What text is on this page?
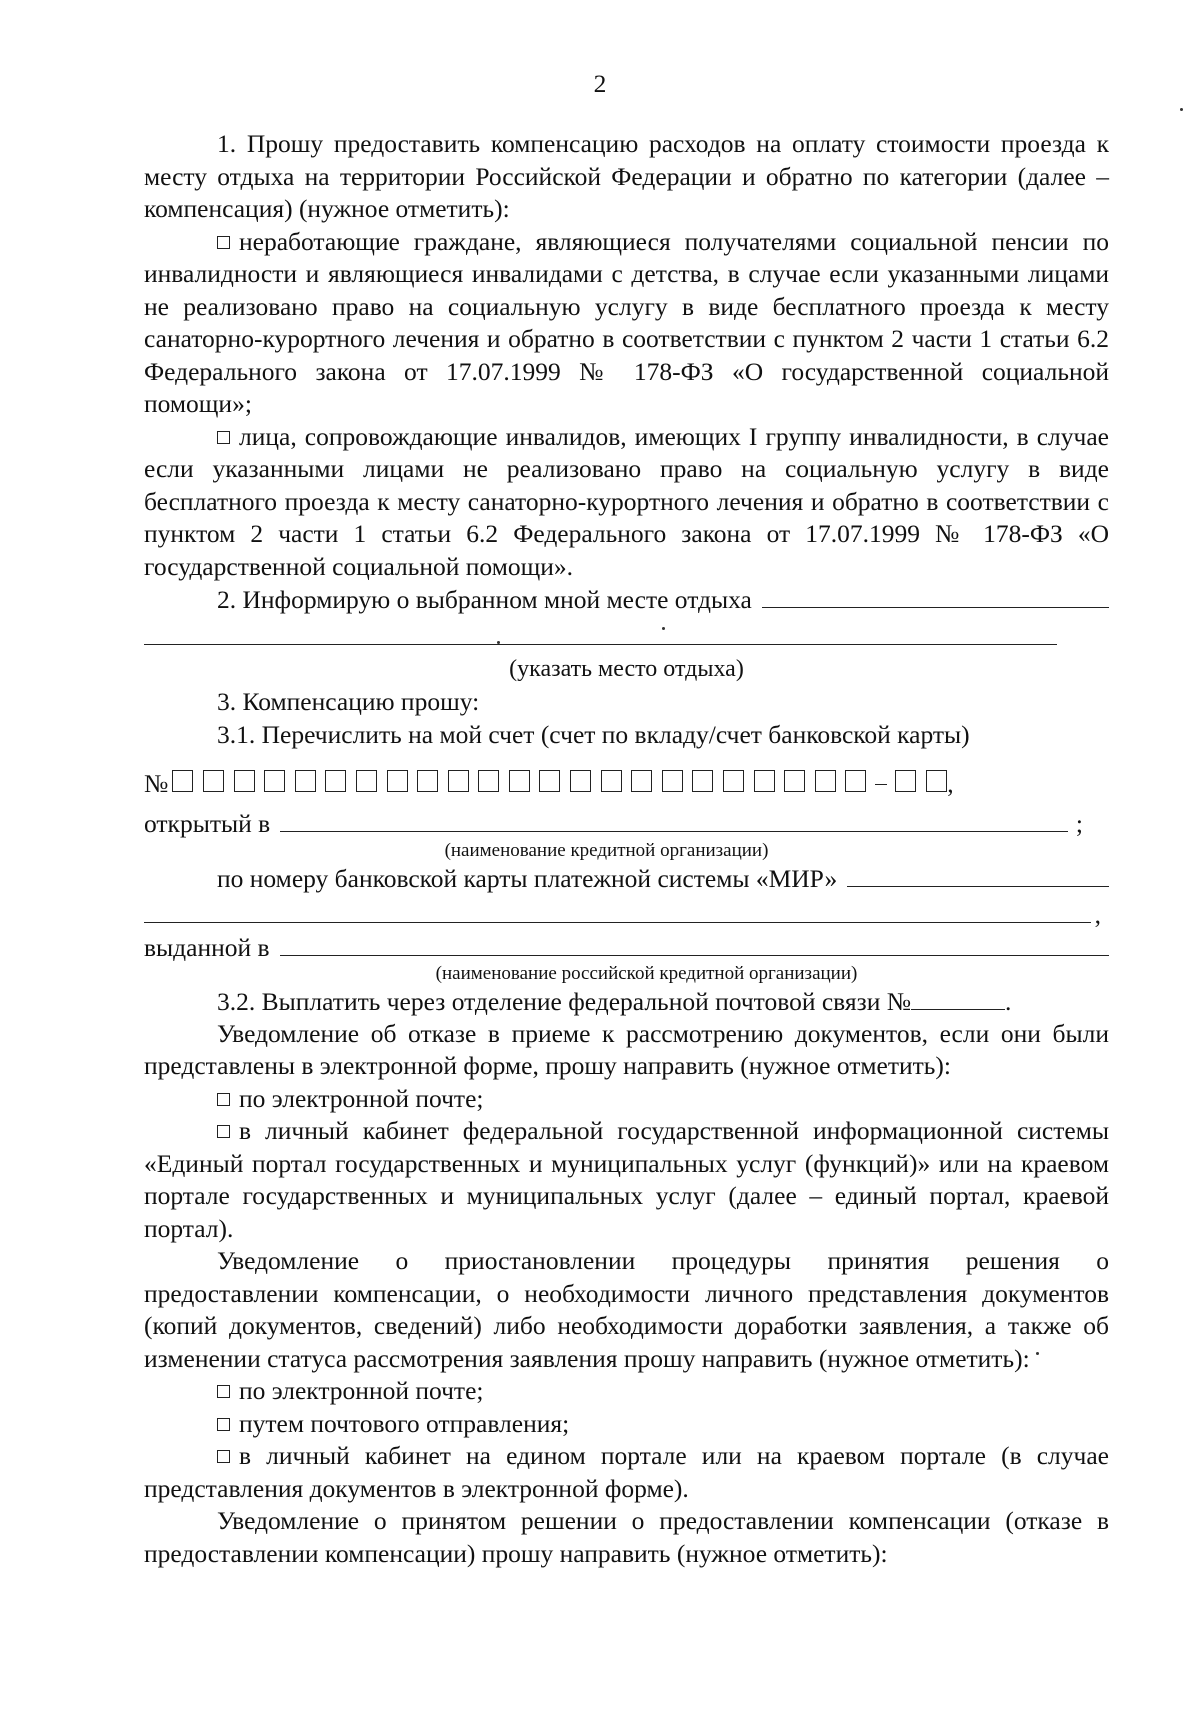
2

1. Прошу предоставить компенсацию расходов на оплату стоимости проезда к месту отдыха на территории Российской Федерации и обратно по категории (далее – компенсация) (нужное отметить):

неработающие граждане, являющиеся получателями социальной пенсии по инвалидности и являющиеся инвалидами с детства, в случае если указанными лицами не реализовано право на социальную услугу в виде бесплатного проезда к месту санаторно-курортного лечения и обратно в соответствии с пунктом 2 части 1 статьи 6.2 Федерального закона от 17.07.1999 № 178-ФЗ «О государственной социальной помощи»;

лица, сопровождающие инвалидов, имеющих I группу инвалидности, в случае если указанными лицами не реализовано право на социальную услугу в виде бесплатного проезда к месту санаторно-курортного лечения и обратно в соответствии с пунктом 2 части 1 статьи 6.2 Федерального закона от 17.07.1999 № 178-ФЗ «О государственной социальной помощи».

2. Информирую о выбранном мной месте отдыха
(указать место отдыха)

3. Компенсацию прошу:

3.1. Перечислить на мой счет (счет по вкладу/счет банковской карты)

№	,
открытый в	;
(наименование кредитной организации)
по номеру банковской карты платежной системы «МИР»
,
выданной в
(наименование российской кредитной организации)
3.2. Выплатить через отделение федеральной почтовой связи №	.

Уведомление об отказе в приеме к рассмотрению документов, если они были представлены в электронной форме, прошу направить (нужное отметить):

по электронной почте;

в личный кабинет федеральной государственной информационной системы «Единый портал государственных и муниципальных услуг (функций)» или на краевом портале государственных и муниципальных услуг (далее – единый портал, краевой портал).

Уведомление о приостановлении процедуры принятия решения о предоставлении компенсации, о необходимости личного представления документов (копий документов, сведений) либо необходимости доработки заявления, а также об изменении статуса рассмотрения заявления прошу направить (нужное отметить):

по электронной почте;

путем почтового отправления;

в личный кабинет на едином портале или на краевом портале (в случае представления документов в электронной форме).

Уведомление о принятом решении о предоставлении компенсации (отказе в предоставлении компенсации) прошу направить (нужное отметить):
